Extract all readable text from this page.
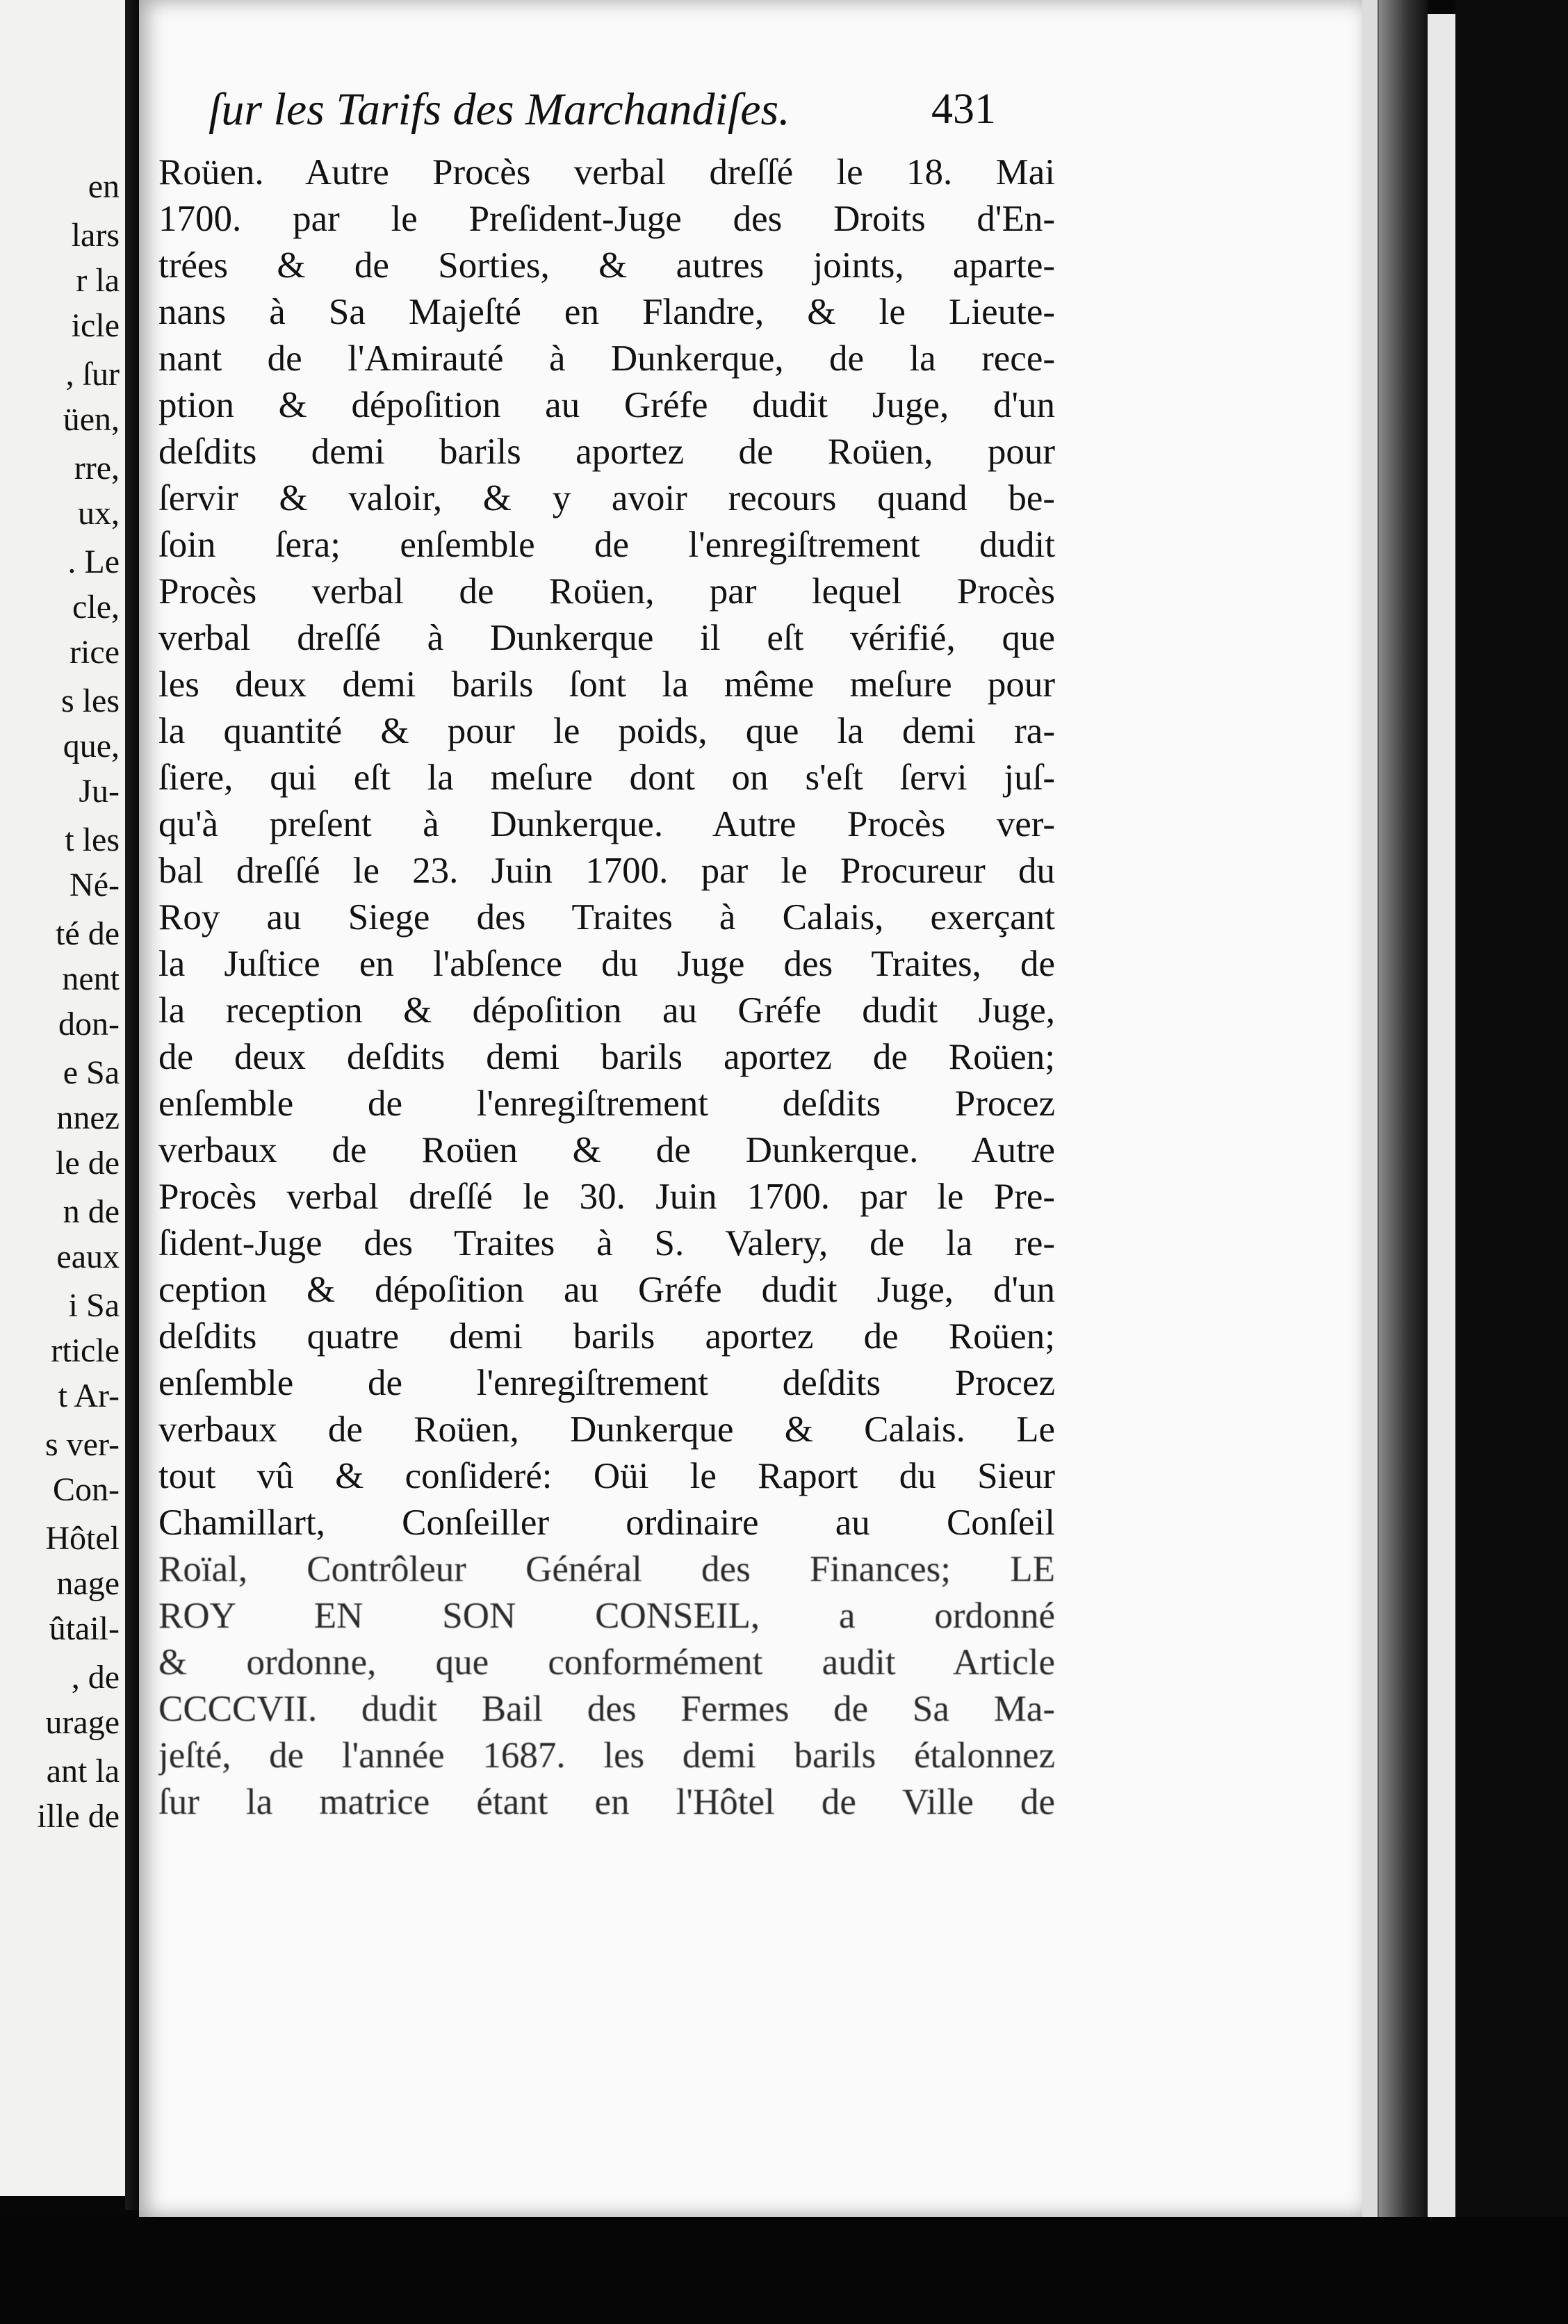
en
lars
r la
icle
, ſur
üen,
rre,
ux,
. Le
cle,
rice
s les
que,
Ju-
t les
Né-
té de
nent
don-
e Sa
nnez
le de
n de
eaux
i Sa
rticle
t Ar-
s ver-
Con-
Hôtel
nage
ûtail-
, de
urage
ant la
ille de
ſur les Tarifs des Marchandiſes.	431
Roüen. Autre Procès verbal dreſſé le 18. Mai
1700. par le Preſident-Juge des Droits d'En-
trées & de Sorties, & autres joints, aparte-
nans à Sa Majeſté en Flandre, & le Lieute-
nant de l'Amirauté à Dunkerque, de la rece-
ption & dépoſition au Gréfe dudit Juge, d'un
deſdits demi barils aportez de Roüen, pour
ſervir & valoir, & y avoir recours quand be-
ſoin ſera; enſemble de l'enregiſtrement dudit
Procès verbal de Roüen, par lequel Procès
verbal dreſſé à Dunkerque il eſt vérifié, que
les deux demi barils ſont la même meſure pour
la quantité & pour le poids, que la demi ra-
ſiere, qui eſt la meſure dont on s'eſt ſervi juſ-
qu'à preſent à Dunkerque. Autre Procès ver-
bal dreſſé le 23. Juin 1700. par le Procureur du
Roy au Siege des Traites à Calais, exerçant
la Juſtice en l'abſence du Juge des Traites, de
la reception & dépoſition au Gréfe dudit Juge,
de deux deſdits demi barils aportez de Roüen;
enſemble de l'enregiſtrement deſdits Procez
verbaux de Roüen & de Dunkerque. Autre
Procès verbal dreſſé le 30. Juin 1700. par le Pre-
ſident-Juge des Traites à S. Valery, de la re-
ception & dépoſition au Gréfe dudit Juge, d'un
deſdits quatre demi barils aportez de Roüen;
enſemble de l'enregiſtrement deſdits Procez
verbaux de Roüen, Dunkerque & Calais. Le
tout vû & conſideré: Oüi le Raport du Sieur
Chamillart, Conſeiller ordinaire au Conſeil
Roïal, Contrôleur Général des Finances; LE
ROY EN SON CONSEIL, a ordonné
& ordonne, que conformément audit Article
CCCCVII. dudit Bail des Fermes de Sa Ma-
jeſté, de l'année 1687. les demi barils étalonnez
ſur la matrice étant en l'Hôtel de Ville de
